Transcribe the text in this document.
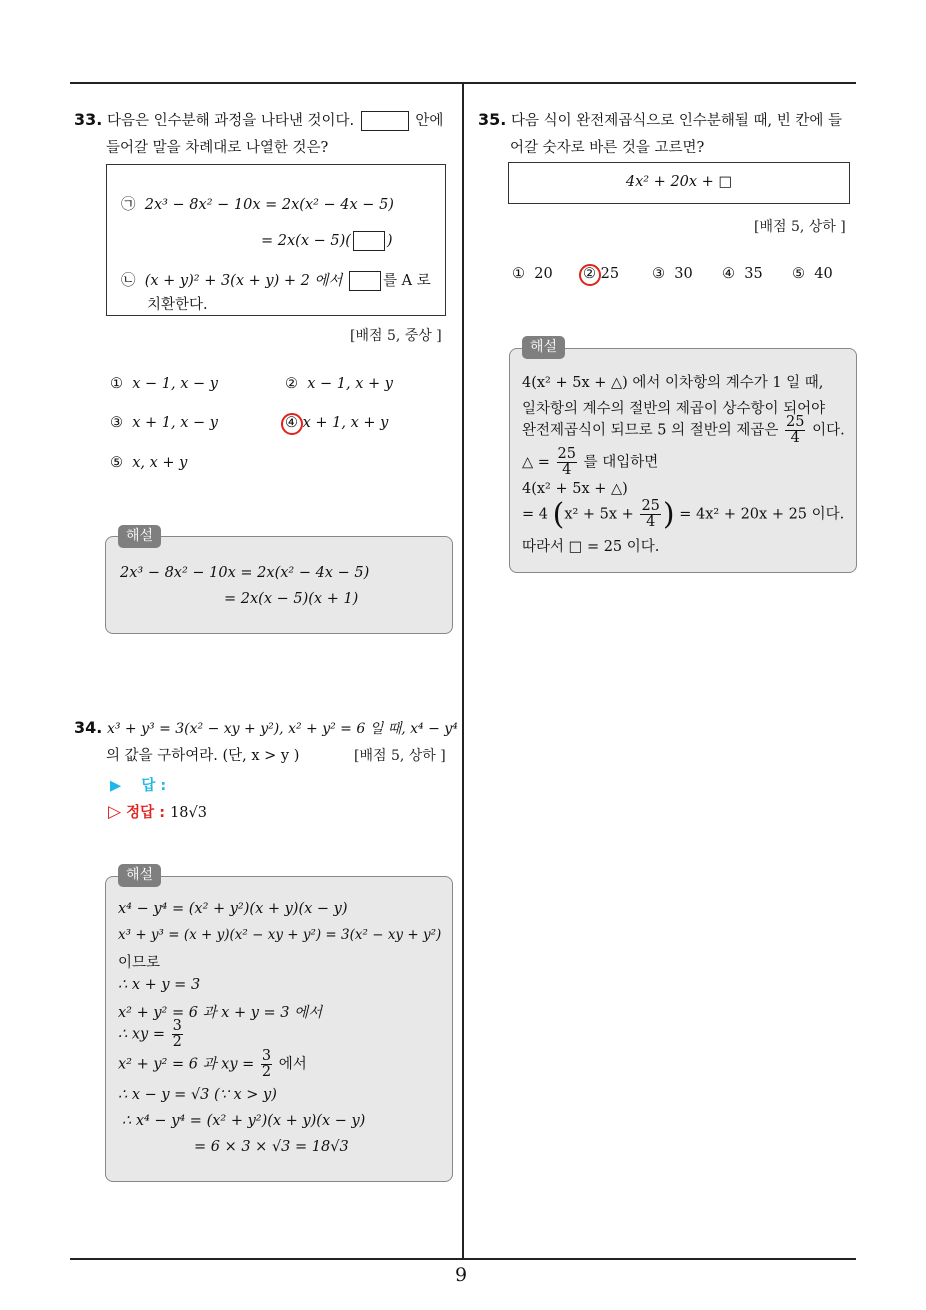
9
33. 다음은 인수분해 과정을 나타낸 것이다.	안에
들어갈 말을 차례대로 나열한 것은?
㉠ 2x³ − 8x² − 10x = 2x(x² − 4x − 5)
= 2x(x − 5)( )
㉡ (x + y)² + 3(x + y) + 2 에서	를 A 로
치환한다.
[배점 5, 중상 ]
① x − 1, x − y	② x − 1, x + y
③ x + 1, x − y	④ x + 1, x + y
⑤ x, x + y
2x³ − 8x² − 10x = 2x(x² − 4x − 5)
= 2x(x − 5)(x + 1)
해설
34. x³ + y³ = 3(x² − xy + y²), x² + y² = 6 일 때, x⁴ − y⁴
의 값을 구하여라. (단, x > y )	[배점 5, 상하 ]
▶ 답 :
▷ 정답 : 18√3
x⁴ − y⁴ = (x² + y²)(x + y)(x − y)
x³ + y³ = (x + y)(x² − xy + y²) = 3(x² − xy + y²)
이므로
∴ x + y = 3
x² + y² = 6 과 x + y = 3 에서
∴ xy = $\frac{3}{2}$
x² + y² = 6 과 xy = $\frac{3}{2}$ 에서
∴ x − y = √3 (∵ x > y)
∴ x⁴ − y⁴ = (x² + y²)(x + y)(x − y)
= 6 × 3 × √3 = 18√3
해설
35. 다음 식이 완전제곱식으로 인수분해될 때, 빈 칸에 들
어갈 숫자로 바른 것을 고르면?
4x² + 20x + □
[배점 5, 상하 ]
① 20 ② 25 ③ 30 ④ 35 ⑤ 40
4(x² + 5x + △) 에서 이차항의 계수가 1 일 때,
일차항의 계수의 절반의 제곱이 상수항이 되어야
완전제곱식이 되므로 5 의 절반의 제곱은 $\frac{25}{4}$ 이다.
△ = $\frac{25}{4}$ 를 대입하면
4(x² + 5x + △)
= 4 ($x^2 + 5x + \frac{25}{4}$ ) = 4x² + 20x + 25 이다.
따라서 □ = 25 이다.
해설
